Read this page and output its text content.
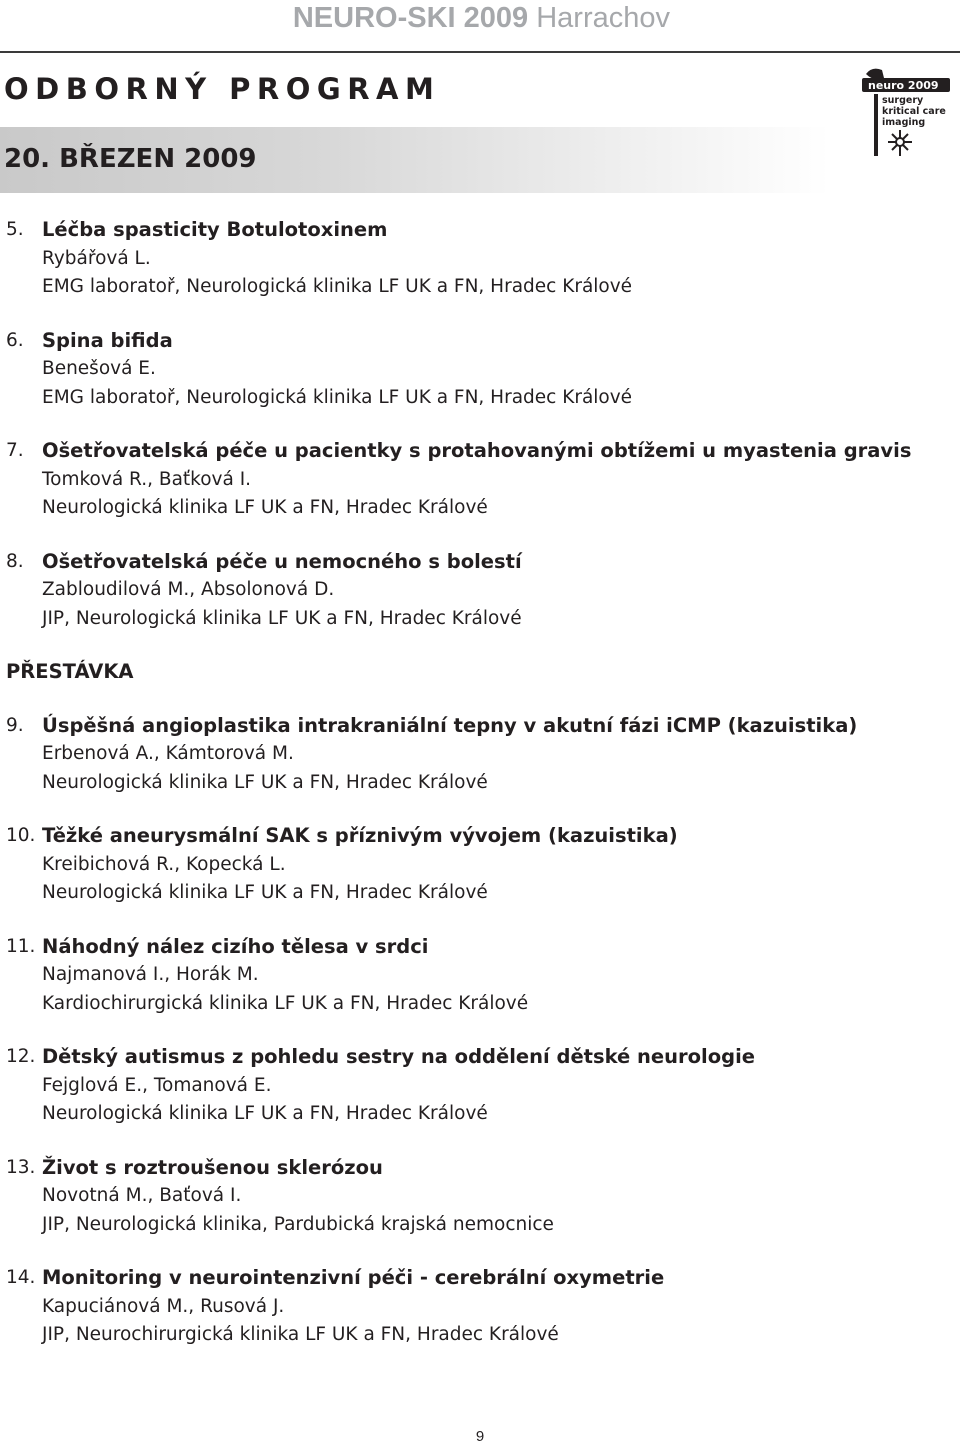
NEURO-SKI 2009 Harrachov
ODBORNÝ PROGRAM
20. BŘEZEN 2009
neuro 2009
surgery
kritical care
imaging
5. Léčba spasticity Botulotoxinem
Rybářová L.
EMG laboratoř, Neurologická klinika LF UK a FN, Hradec Králové
6. Spina bifida
Benešová E.
EMG laboratoř, Neurologická klinika LF UK a FN, Hradec Králové
7. Ošetřovatelská péče u pacientky s protahovanými obtížemi u myastenia gravis
Tomková R., Baťková I.
Neurologická klinika LF UK a FN, Hradec Králové
8. Ošetřovatelská péče u nemocného s bolestí
Zabloudilová M., Absolonová D.
JIP, Neurologická klinika LF UK a FN, Hradec Králové
PŘESTÁVKA
9. Úspěšná angioplastika intrakraniální tepny v akutní fázi iCMP (kazuistika)
Erbenová A., Kámtorová M.
Neurologická klinika LF UK a FN, Hradec Králové
10. Těžké aneurysmální SAK s příznivým vývojem (kazuistika)
Kreibichová R., Kopecká L.
Neurologická klinika LF UK a FN, Hradec Králové
11. Náhodný nález cizího tělesa v srdci
Najmanová I., Horák M.
Kardiochirurgická klinika LF UK a FN, Hradec Králové
12. Dětský autismus z pohledu sestry na oddělení dětské neurologie
Fejglová E., Tomanová E.
Neurologická klinika LF UK a FN, Hradec Králové
13. Život s roztroušenou sklerózou
Novotná M., Baťová I.
JIP, Neurologická klinika, Pardubická krajská nemocnice
14. Monitoring v neurointenzivní péči - cerebrální oxymetrie
Kapuciánová M., Rusová J.
JIP, Neurochirurgická klinika LF UK a FN, Hradec Králové
9
